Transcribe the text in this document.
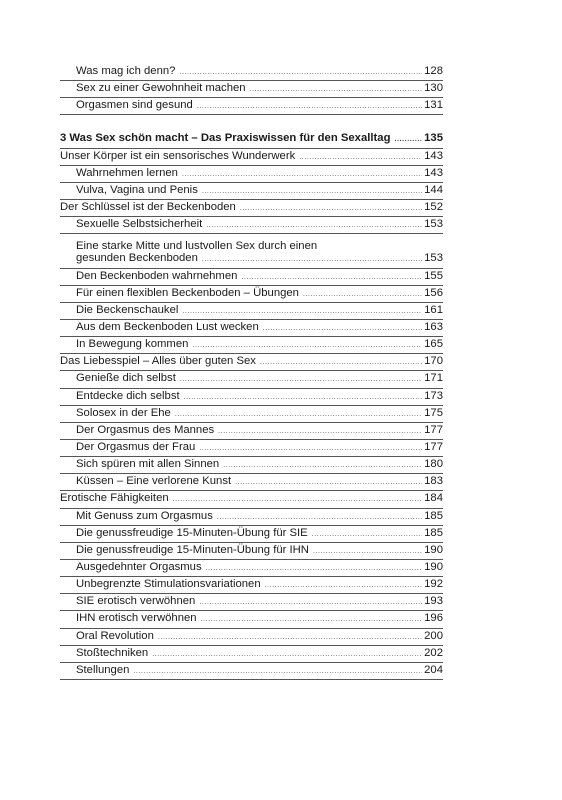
Was mag ich denn? .....	128
Sex zu einer Gewohnheit machen .....	130
Orgasmen sind gesund .....	131
3 Was Sex schön macht – Das Praxiswissen für den Sexalltag .....	135
Unser Körper ist ein sensorisches Wunderwerk .....	143
Wahrnehmen lernen .....	143
Vulva, Vagina und Penis .....	144
Der Schlüssel ist der Beckenboden .....	152
Sexuelle Selbstsicherheit .....	153
Eine starke Mitte und lustvollen Sex durch einen
gesunden Beckenboden .....	153
Den Beckenboden wahrnehmen .....	155
Für einen flexiblen Beckenboden – Übungen .....	156
Die Beckenschaukel .....	161
Aus dem Beckenboden Lust wecken .....	163
In Bewegung kommen .....	165
Das Liebesspiel – Alles über guten Sex .....	170
Genieße dich selbst .....	171
Entdecke dich selbst .....	173
Solosex in der Ehe .....	175
Der Orgasmus des Mannes .....	177
Der Orgasmus der Frau .....	177
Sich spüren mit allen Sinnen .....	180
Küssen – Eine verlorene Kunst .....	183
Erotische Fähigkeiten .....	184
Mit Genuss zum Orgasmus .....	185
Die genussfreudige 15-Minuten-Übung für SIE .....	185
Die genussfreudige 15-Minuten-Übung für IHN .....	190
Ausgedehnter Orgasmus .....	190
Unbegrenzte Stimulationsvariationen .....	192
SIE erotisch verwöhnen .....	193
IHN erotisch verwöhnen .....	196
Oral Revolution .....	200
Stoßtechniken .....	202
Stellungen .....	204
